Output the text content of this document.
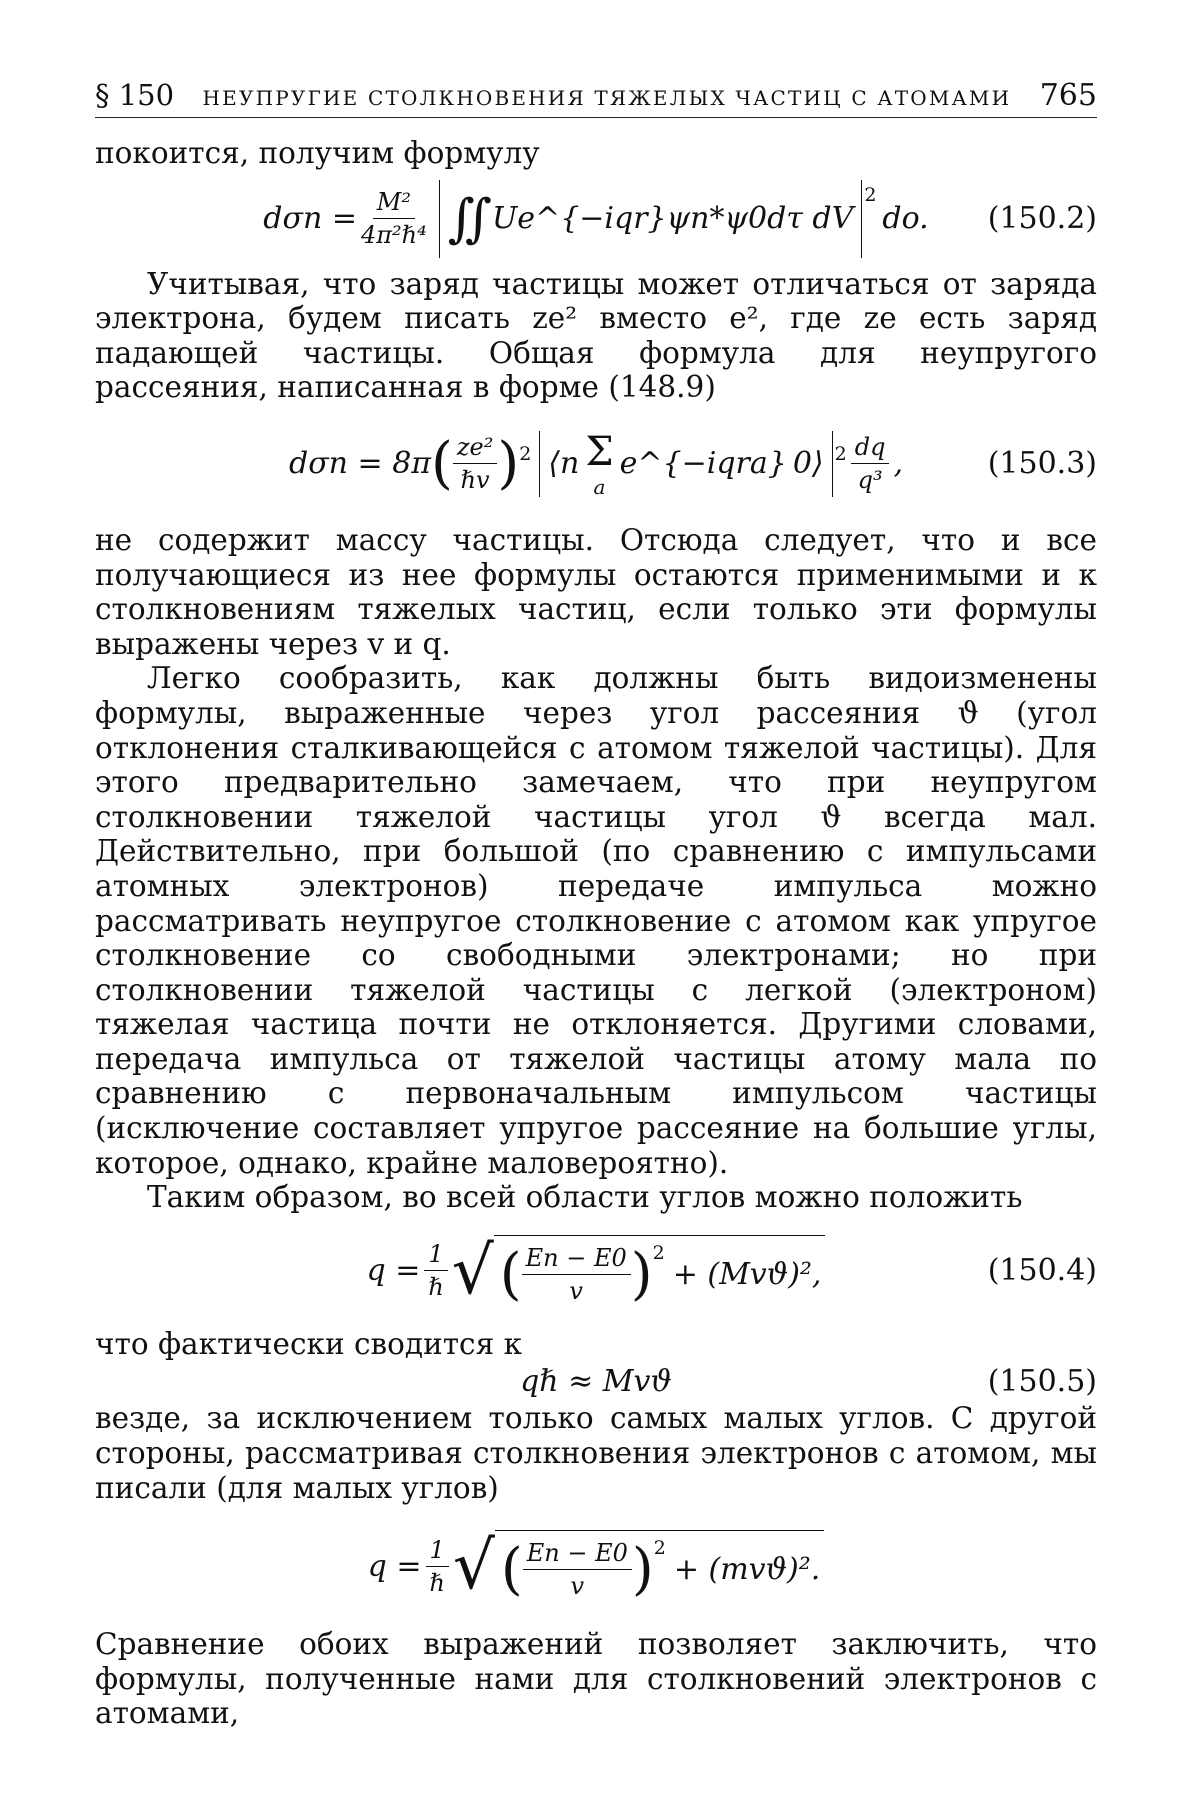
§ 150 НЕУПРУГИЕ СТОЛКНОВЕНИЯ ТЯЖЕЛЫХ ЧАСТИЦ С АТОМАМИ 765

покоится, получим формулу

$d\sigma n = \frac{\text{M²}}{\text{4π²ℏ⁴}}$ ∬ Ue^{−iqr}ψn*ψ0dτ dV
2
do. (150.2)

Учитывая, что заряд частицы может отличаться от заряда электрона, будем писать ze² вместо e², где ze есть заряд падающей частицы. Общая формула для неупругого рассеяния, написанная в форме (148.9)

dσn = 8π ( $\frac{\text{ze²}}{\text{ℏv}}$ ) 2 ⟨n Σ
a
e^{−iqra} 0⟩ $2 \frac{dq}{\text{q³}}$ ,	(150.3)

не содержит массу частицы. Отсюда следует, что и все получающиеся из нее формулы остаются применимыми и к столкновениям тяжелых частиц, если только эти формулы выражены через v и q.

Легко сообразить, как должны быть видоизменены формулы, выраженные через угол рассеяния ϑ (угол отклонения сталкивающейся с атомом тяжелой частицы). Для этого предварительно замечаем, что при неупругом столкновении тяжелой частицы угол ϑ всегда мал. Действительно, при большой (по сравнению с импульсами атомных электронов) передаче импульса можно рассматривать неупругое столкновение с атомом как упругое столкновение со свободными электронами; но при столкновении тяжелой частицы с легкой (электроном) тяжелая частица почти не отклоняется. Другими словами, передача импульса от тяжелой частицы атому мала по сравнению с первоначальным импульсом частицы (исключение составляет упругое рассеяние на большие углы, которое, однако, крайне маловероятно).

Таким образом, во всей области углов можно положить

$q = \frac{1}{\text{ℏ}}$ √ ( $\frac{En - E0}{v}$ ) 2
+ (Mvϑ)²,	(150.4)

что фактически сводится к

qℏ ≈ Mvϑ	(150.5)

везде, за исключением только самых малых углов. С другой стороны, рассматривая столкновения электронов с атомом, мы писали (для малых углов)

$q = \frac{1}{\text{ℏ}}$ √ ( $\frac{En - E0}{v}$ ) 2
+ (mvϑ)².

Сравнение обоих выражений позволяет заключить, что формулы, полученные нами для столкновений электронов с атомами,
